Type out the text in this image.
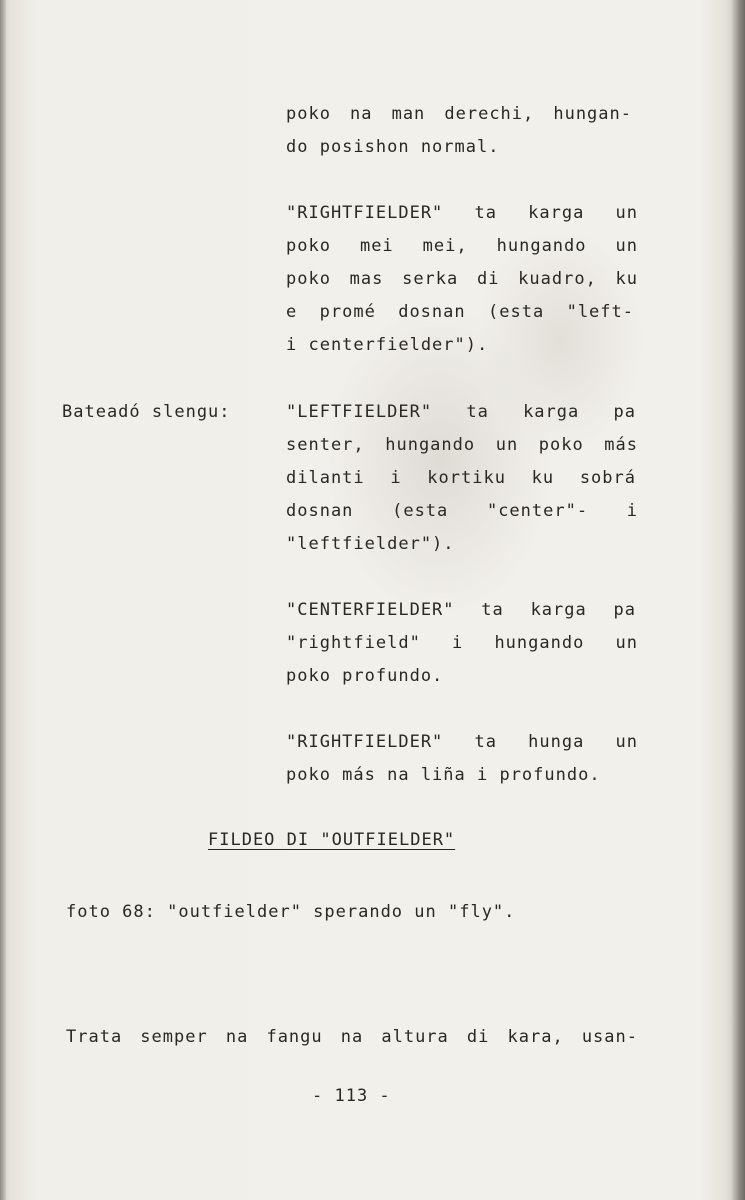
poko na man derechi, hungan-
do posishon normal.
"RIGHTFIELDER" ta karga un
poko mei mei, hungando un
poko mas serka di kuadro, ku
e promé dosnan (esta "left-
i centerfielder").
Bateadó slengu:	"LEFTFIELDER" ta karga pa
senter, hungando un poko más
dilanti i kortiku ku sobrá
dosnan (esta "center"- i
"leftfielder").
"CENTERFIELDER" ta karga pa
"rightfield" i hungando un
poko profundo.
"RIGHTFIELDER" ta hunga un
poko más na liña i profundo.
FILDEO DI "OUTFIELDER"
foto 68: "outfielder" sperando un "fly".
Trata semper na fangu na altura di kara, usan-
- 113 -
